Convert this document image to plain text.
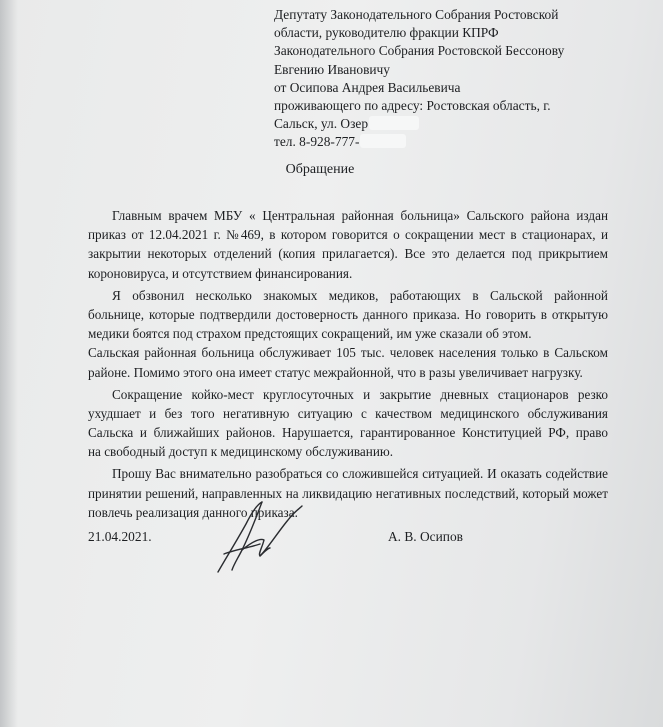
Депутату Законодательного Собрания Ростовской
области, руководителю фракции КПРФ
Законодательного Собрания Ростовской Бессонову
Евгению Ивановичу
от Осипова Андрея Васильевича
проживающего по адресу: Ростовская область, г.
Сальск, ул. Озер
тел. 8-928-777-
Обращение
Главным врачем МБУ « Центральная районная больница» Сальского района издан
приказ от 12.04.2021 г. №469, в котором говорится о сокращении мест в стационарах, и
закрытии некоторых отделений (копия прилагается). Все это делается под прикрытием
короновируса, и отсутствием финансирования.
Я обзвонил несколько знакомых медиков, работающих в Сальской районной
больнице, которые подтвердили достоверность данного приказа. Но говорить в открытую
медики боятся под страхом предстоящих сокращений, им уже сказали об этом.
Сальская районная больница обслуживает 105 тыс. человек населения только в Сальском
районе. Помимо этого она имеет статус межрайонной, что в разы увеличивает нагрузку.
Сокращение койко-мест круглосуточных и закрытие дневных стационаров резко
ухудшает и без того негативную ситуацию с качеством медицинского обслуживания
Сальска и ближайших районов. Нарушается, гарантированное Конституцией РФ, право
на свободный доступ к медицинскому обслуживанию.
Прошу Вас внимательно разобраться со сложившейся ситуацией. И оказать содействие
принятии решений, направленных на ликвидацию негативных последствий, который может
повлечь реализация данного приказа.
21.04.2021.	А. В. Осипов
